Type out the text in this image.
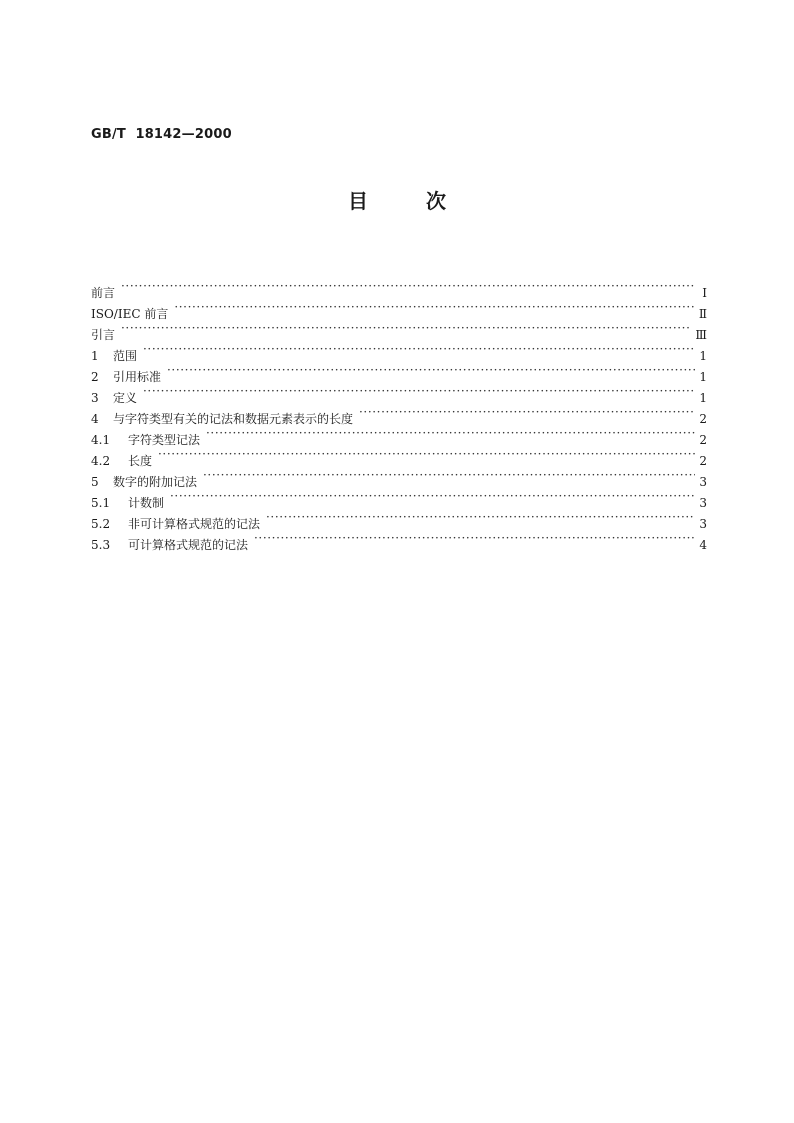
GB/T  18142—2000
目	次
前言 ·····	Ⅰ
ISO/IEC 前言 ·····	Ⅱ
引言 ·····	Ⅲ
1	范围 ·····	1
2	引用标准 ·····	1
3	定义 ·····	1
4	与字符类型有关的记法和数据元素表示的长度 ·····	2
4.1	字符类型记法 ·····	2
4.2	长度 ·····	2
5	数字的附加记法 ·····	3
5.1	计数制 ·····	3
5.2	非可计算格式规范的记法 ·····	3
5.3	可计算格式规范的记法 ·····	4
